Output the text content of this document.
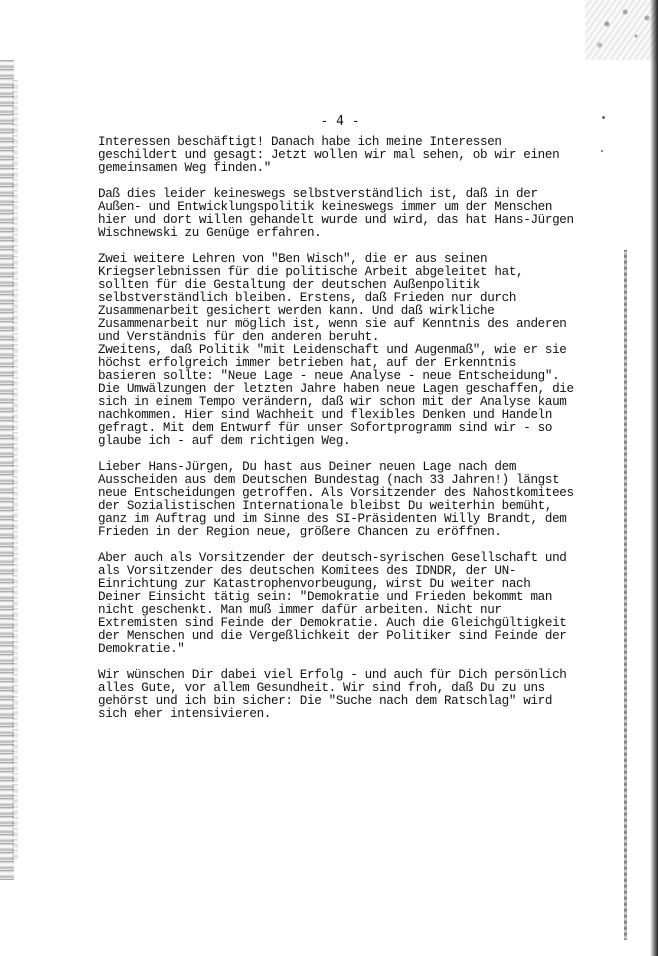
- 4 -
Interessen beschäftigt! Danach habe ich meine Interessen
geschildert und gesagt: Jetzt wollen wir mal sehen, ob wir einen
gemeinsamen Weg finden."
Daß dies leider keineswegs selbstverständlich ist, daß in der
Außen- und Entwicklungspolitik keineswegs immer um der Menschen
hier und dort willen gehandelt wurde und wird, das hat Hans-Jürgen
Wischnewski zu Genüge erfahren.
Zwei weitere Lehren von "Ben Wisch", die er aus seinen
Kriegserlebnissen für die politische Arbeit abgeleitet hat,
sollten für die Gestaltung der deutschen Außenpolitik
selbstverständlich bleiben. Erstens, daß Frieden nur durch
Zusammenarbeit gesichert werden kann. Und daß wirkliche
Zusammenarbeit nur möglich ist, wenn sie auf Kenntnis des anderen
und Verständnis für den anderen beruht.
Zweitens, daß Politik "mit Leidenschaft und Augenmaß", wie er sie
höchst erfolgreich immer betrieben hat, auf der Erkenntnis
basieren sollte: "Neue Lage - neue Analyse - neue Entscheidung".
Die Umwälzungen der letzten Jahre haben neue Lagen geschaffen, die
sich in einem Tempo verändern, daß wir schon mit der Analyse kaum
nachkommen. Hier sind Wachheit und flexibles Denken und Handeln
gefragt. Mit dem Entwurf für unser Sofortprogramm sind wir - so
glaube ich - auf dem richtigen Weg.
Lieber Hans-Jürgen, Du hast aus Deiner neuen Lage nach dem
Ausscheiden aus dem Deutschen Bundestag (nach 33 Jahren!) längst
neue Entscheidungen getroffen. Als Vorsitzender des Nahostkomitees
der Sozialistischen Internationale bleibst Du weiterhin bemüht,
ganz im Auftrag und im Sinne des SI-Präsidenten Willy Brandt, dem
Frieden in der Region neue, größere Chancen zu eröffnen.
Aber auch als Vorsitzender der deutsch-syrischen Gesellschaft und
als Vorsitzender des deutschen Komitees des IDNDR, der UN-
Einrichtung zur Katastrophenvorbeugung, wirst Du weiter nach
Deiner Einsicht tätig sein: "Demokratie und Frieden bekommt man
nicht geschenkt. Man muß immer dafür arbeiten. Nicht nur
Extremisten sind Feinde der Demokratie. Auch die Gleichgültigkeit
der Menschen und die Vergeßlichkeit der Politiker sind Feinde der
Demokratie."
Wir wünschen Dir dabei viel Erfolg - und auch für Dich persönlich
alles Gute, vor allem Gesundheit. Wir sind froh, daß Du zu uns
gehörst und ich bin sicher: Die "Suche nach dem Ratschlag" wird
sich eher intensivieren.
